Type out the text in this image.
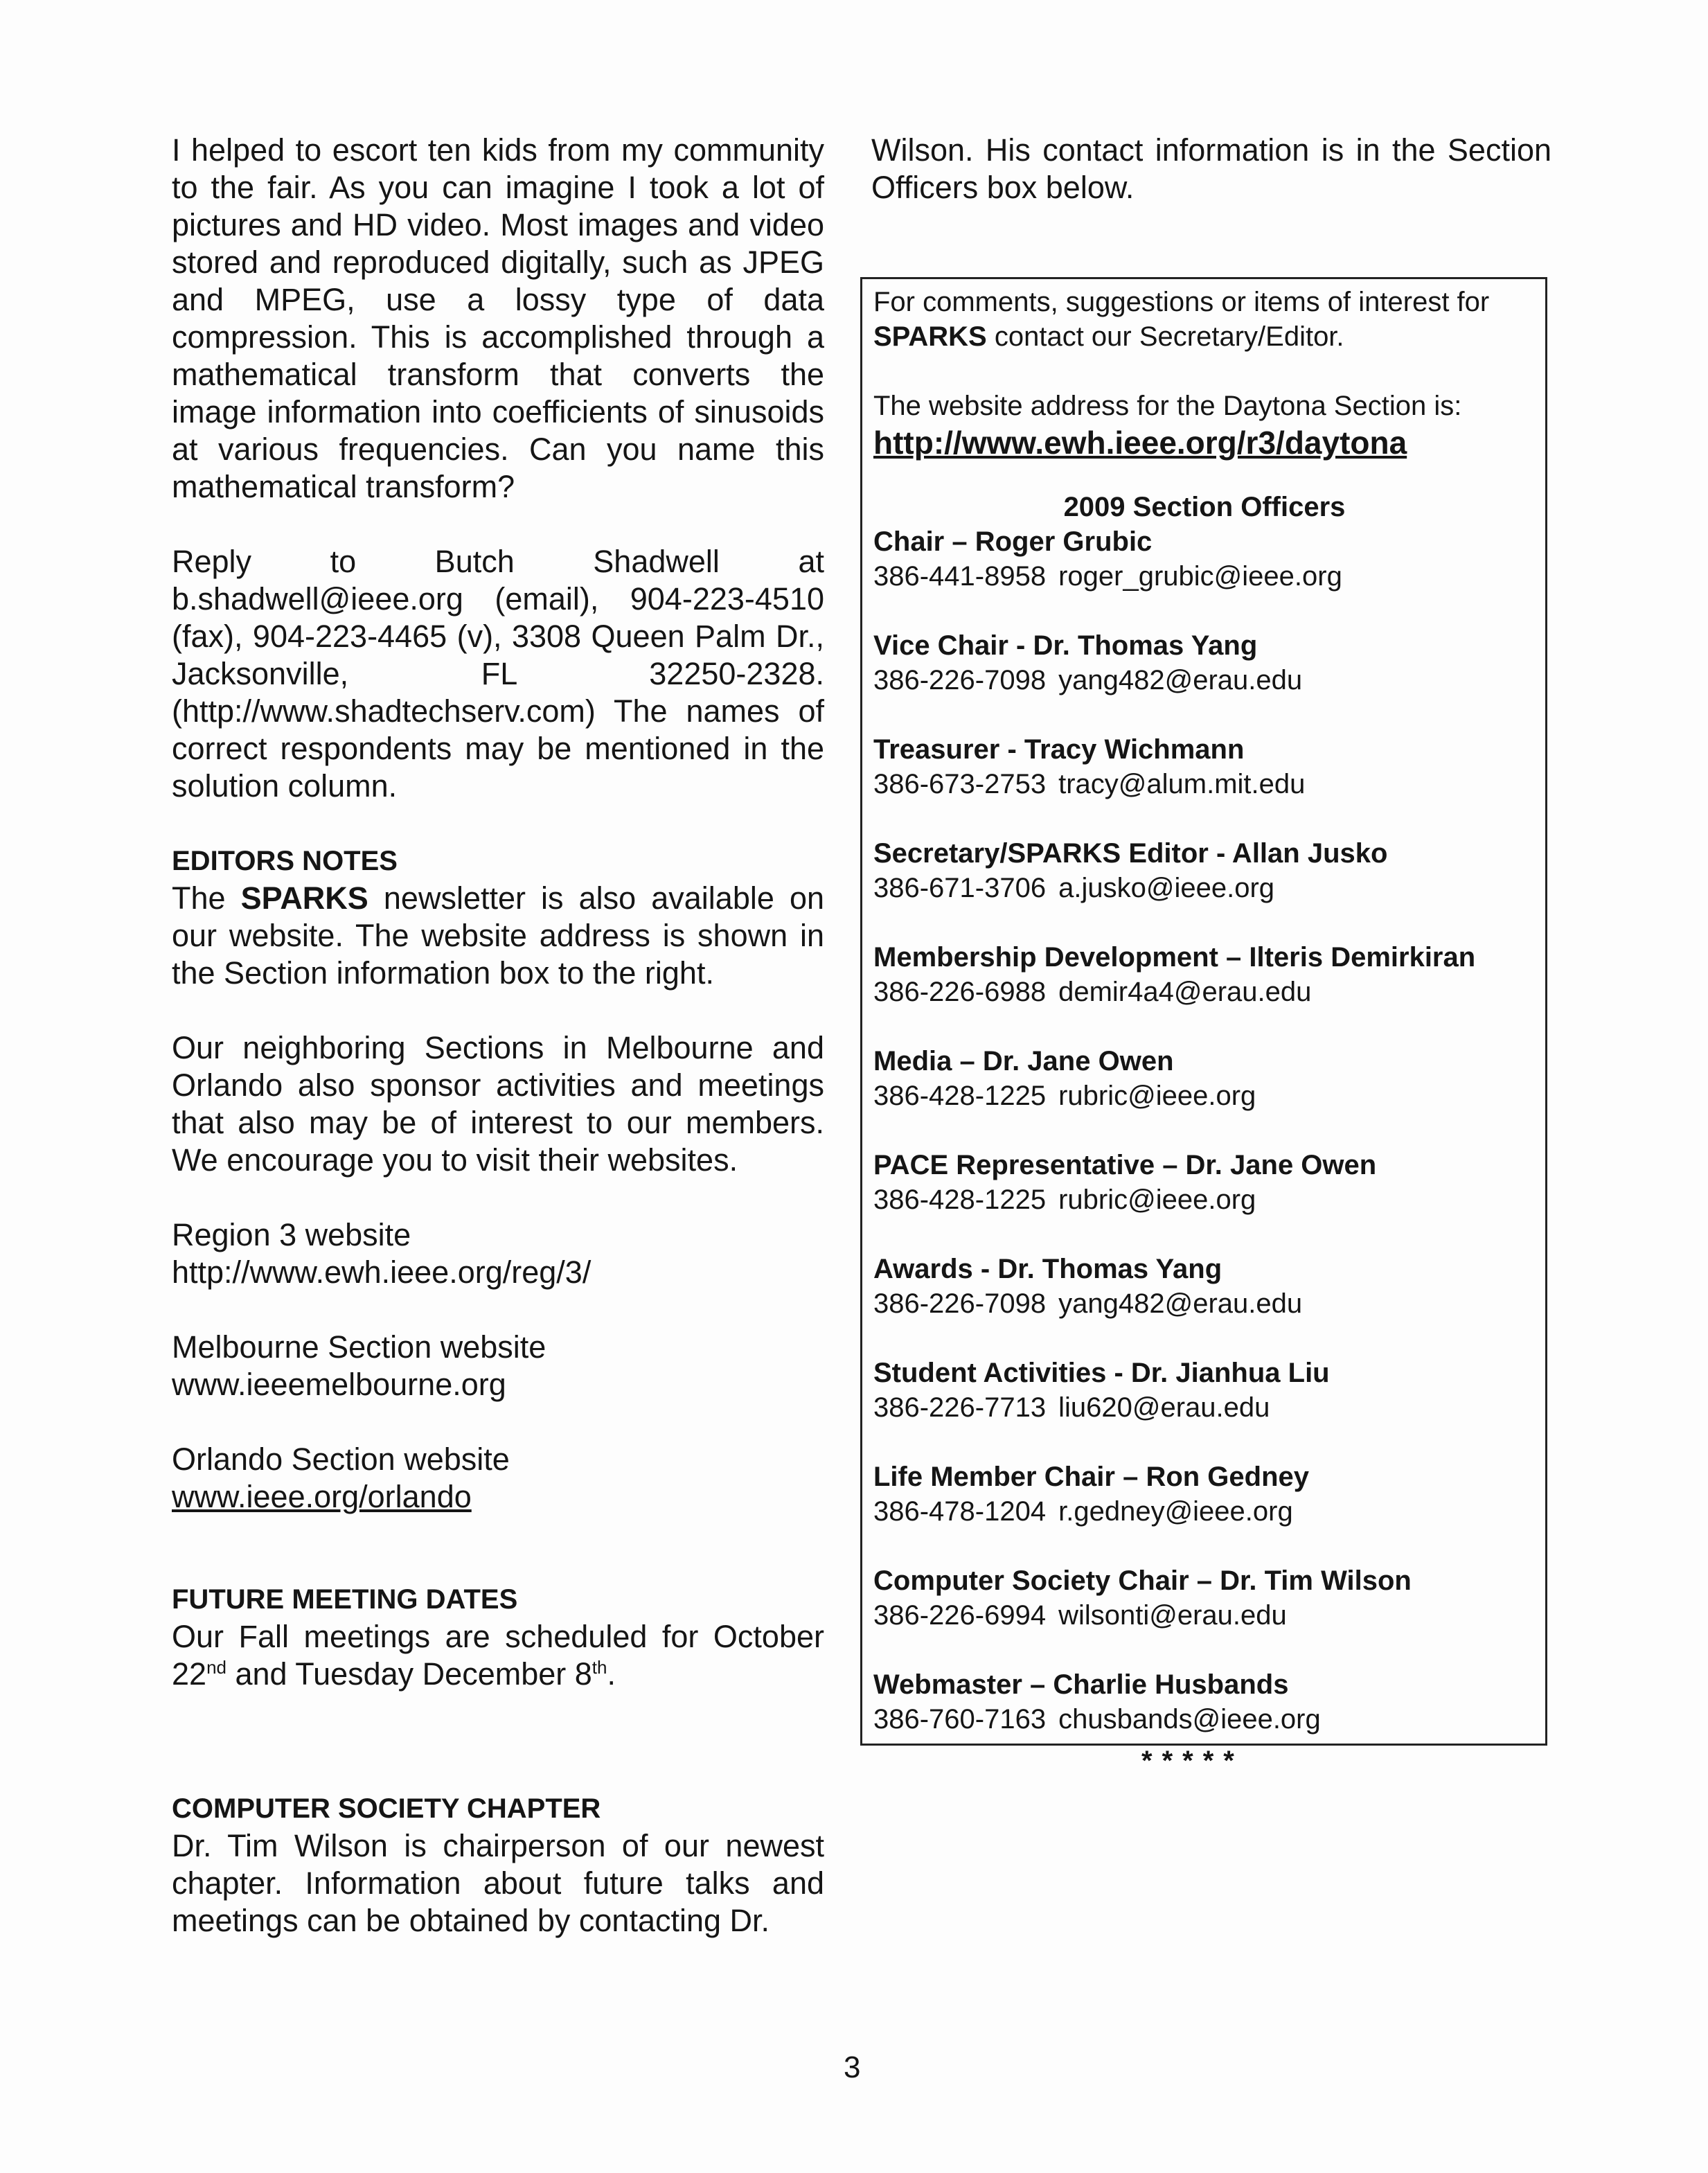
I helped to escort ten kids from my community to the fair. As you can imagine I took a lot of pictures and HD video. Most images and video stored and reproduced digitally, such as JPEG and MPEG, use a lossy type of data compression. This is accomplished through a mathematical transform that converts the image information into coefficients of sinusoids at various frequencies. Can you name this mathematical transform?

Reply to Butch Shadwell at b.shadwell@ieee.org (email), 904-223-4510 (fax), 904-223-4465 (v), 3308 Queen Palm Dr., Jacksonville, FL 32250-2328. (http://www.shadtechserv.com) The names of correct respondents may be mentioned in the solution column.

EDITORS NOTES

The SPARKS newsletter is also available on our website. The website address is shown in the Section information box to the right.

Our neighboring Sections in Melbourne and Orlando also sponsor activities and meetings that also may be of interest to our members. We encourage you to visit their websites.

Region 3 website

http://www.ewh.ieee.org/reg/3/

Melbourne Section website

www.ieeemelbourne.org

Orlando Section website

www.ieee.org/orlando

FUTURE MEETING DATES

Our Fall meetings are scheduled for October 22nd and Tuesday December 8th.

COMPUTER SOCIETY CHAPTER

Dr. Tim Wilson is chairperson of our newest chapter. Information about future talks and meetings can be obtained by contacting Dr.

Wilson. His contact information is in the Section Officers box below.

For comments, suggestions or items of interest for SPARKS contact our Secretary/Editor.

The website address for the Daytona Section is:

http://www.ewh.ieee.org/r3/daytona

2009 Section Officers

Chair – Roger Grubic

386-441-8958 roger_grubic@ieee.org

Vice Chair - Dr. Thomas Yang

386-226-7098 yang482@erau.edu

Treasurer - Tracy Wichmann

386-673-2753 tracy@alum.mit.edu

Secretary/SPARKS Editor - Allan Jusko

386-671-3706 a.jusko@ieee.org

Membership Development – Ilteris Demirkiran

386-226-6988 demir4a4@erau.edu

Media – Dr. Jane Owen

386-428-1225 rubric@ieee.org

PACE Representative – Dr. Jane Owen

386-428-1225 rubric@ieee.org

Awards - Dr. Thomas Yang

386-226-7098 yang482@erau.edu

Student Activities - Dr. Jianhua Liu

386-226-7713 liu620@erau.edu

Life Member Chair – Ron Gedney

386-478-1204 r.gedney@ieee.org

Computer Society Chair – Dr. Tim Wilson

386-226-6994 wilsonti@erau.edu

Webmaster – Charlie Husbands

386-760-7163 chusbands@ieee.org

*****
3
